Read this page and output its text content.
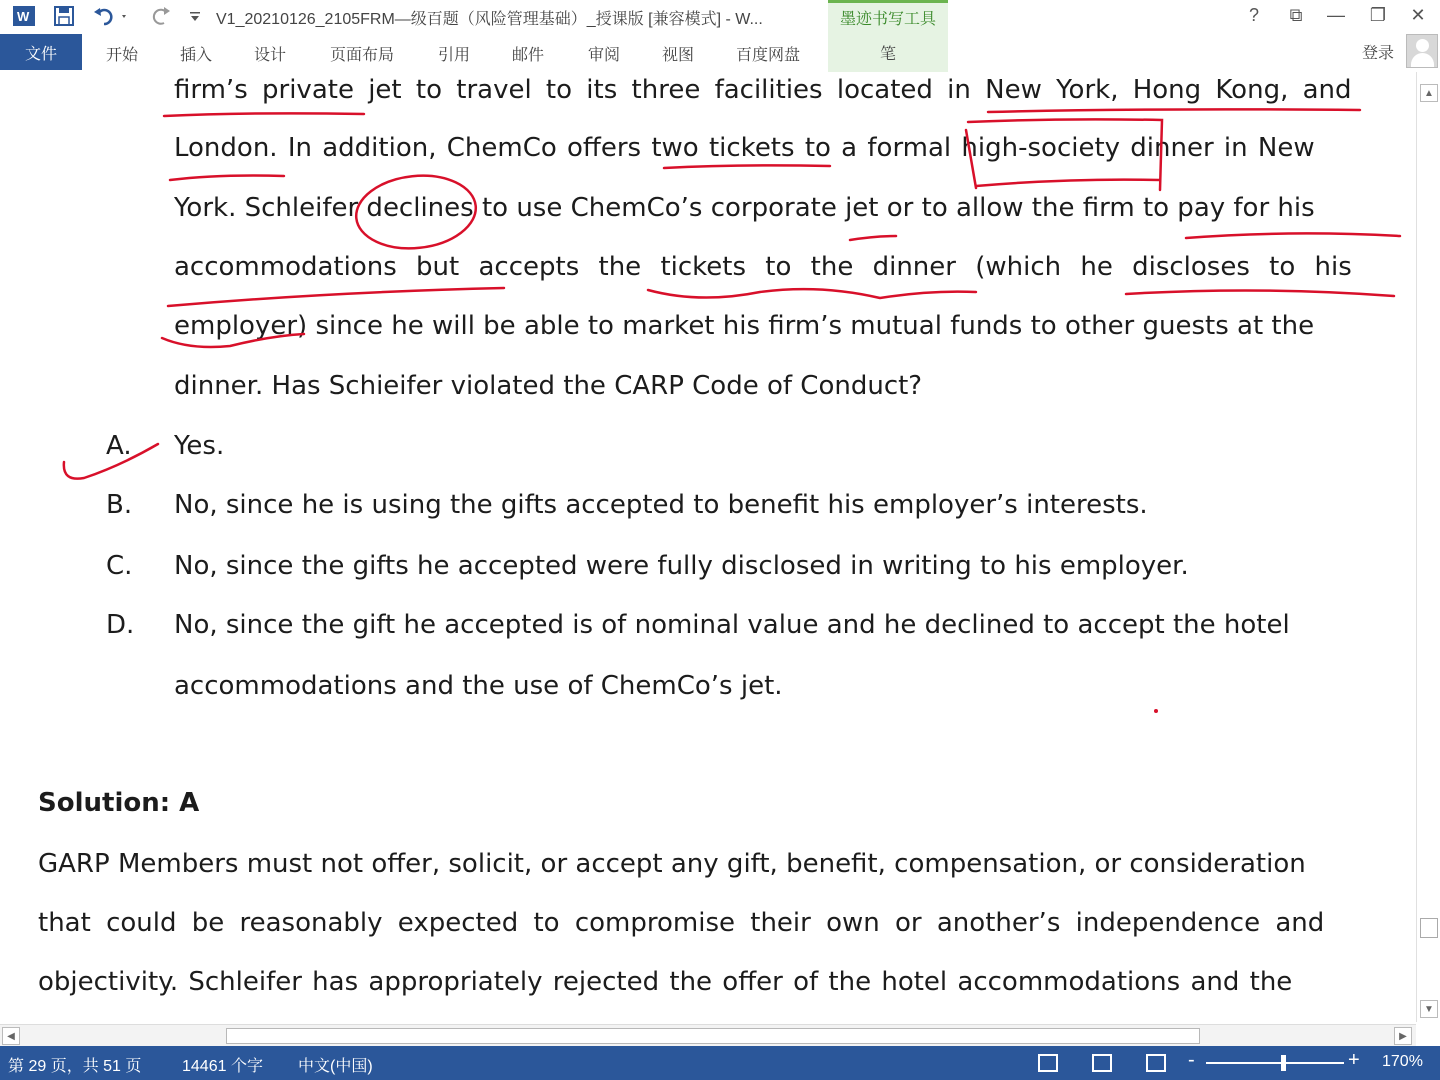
W	V1_20210126_2105FRM—级百题（风险管理基础）_授课版 [兼容模式] - W...	墨迹书写工具	?	⧉	—	❐	✕
文件	开始	插入	设计	页面布局	引用	邮件	审阅	视图	百度网盘	笔	登录
firm’s private jet to travel to its three facilities located in New York, Hong Kong, and
London. In addition, ChemCo offers two tickets to a formal high-society dinner in New
York. Schleifer declines to use ChemCo’s corporate jet or to allow the firm to pay for his
accommodations but accepts the tickets to the dinner (which he discloses to his
employer) since he will be able to market his firm’s mutual funds to other guests at the
dinner. Has Schieifer violated the CARP Code of Conduct?
A. Yes.
B. No, since he is using the gifts accepted to benefit his employer’s interests.
C. No, since the gifts he accepted were fully disclosed in writing to his employer.
D. No, since the gift he accepted is of nominal value and he declined to accept the hotel
accommodations and the use of ChemCo’s jet.
Solution: A
GARP Members must not offer, solicit, or accept any gift, benefit, compensation, or consideration
that could be reasonably expected to compromise their own or another’s independence and
objectivity. Schleifer has appropriately rejected the offer of the hotel accommodations and the
▲
▼
◀	▶
第 29 页，共 51 页	14461 个字 中文(中国)	-	+ 170%
